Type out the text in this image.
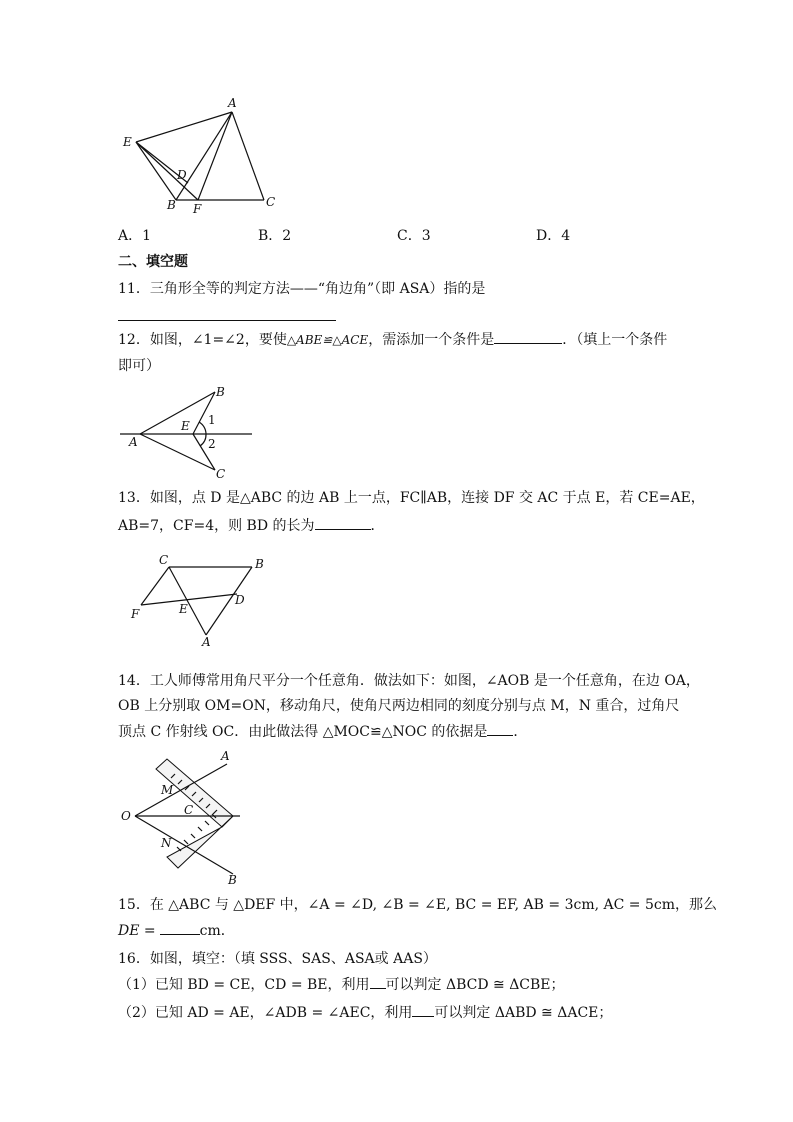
A
E
D
B F	C
A．1	B．2	C．3	D．4
二、填空题
11．三角形全等的判定方法——“角边角”（即 ASA）指的是
12．如图，∠1=∠2，要使△ABE≌△ACE，需添加一个条件是	．（填上一个条件
即可）
B
1
E
2
A
C
13．如图，点 D 是△ABC 的边 AB 上一点，FC∥AB，连接 DF 交 AC 于点 E，若 CE=AE，
AB=7，CF=4，则 BD 的长为	．
C	B
D
E
F
A
14．工人师傅常用角尺平分一个任意角．做法如下：如图，∠AOB 是一个任意角，在边 OA，
OB 上分别取 OM=ON，移动角尺，使角尺两边相同的刻度分别与点 M，N 重合，过角尺
顶点 C 作射线 OC．由此做法得 △MOC≌△NOC 的依据是 ．
A
M
C
O
N
B
15．在 △ABC 与 △DEF 中，∠A = ∠D, ∠B = ∠E, BC = EF, AB = 3cm, AC = 5cm，那么
DE =	cm．
16．如图，填空：（填 SSS、SAS、ASA或 AAS）
（1）已知 BD = CE，CD = BE，利用 可以判定 ΔBCD ≅ ΔCBE；
（2）已知 AD = AE，∠ADB = ∠AEC，利用 可以判定 ΔABD ≅ ΔACE；
